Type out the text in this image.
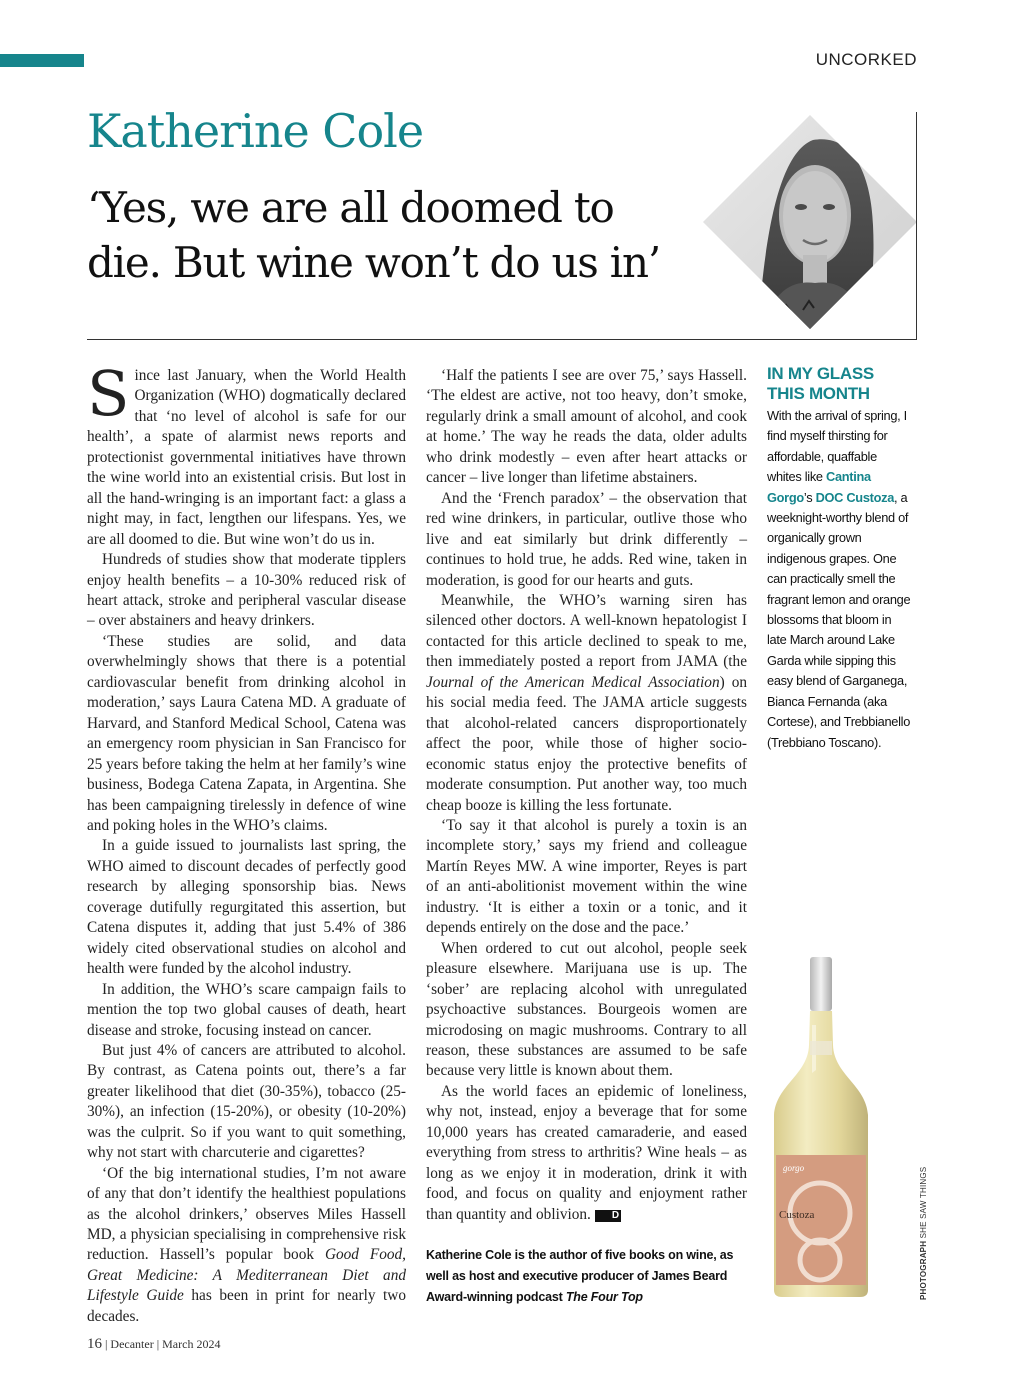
UNCORKED
Katherine Cole
‘Yes, we are all doomed to die. But wine won’t do us in’

Since last January, when the World Health Organization (WHO) dogmatically declared that ‘no level of alcohol is safe for our health’, a spate of alarmist news reports and protectionist governmental initiatives have thrown the wine world into an existential crisis. But lost in all the hand-wringing is an important fact: a glass a night may, in fact, lengthen our lifespans. Yes, we are all doomed to die. But wine won’t do us in.

Hundreds of studies show that moderate tipplers enjoy health benefits – a 10-30% reduced risk of heart attack, stroke and peripheral vascular disease – over abstainers and heavy drinkers.

‘These studies are solid, and data overwhelmingly shows that there is a potential cardiovascular benefit from drinking alcohol in moderation,’ says Laura Catena MD. A graduate of Harvard, and Stanford Medical School, Catena was an emergency room physician in San Francisco for 25 years before taking the helm at her family’s wine business, Bodega Catena Zapata, in Argentina. She has been campaigning tirelessly in defence of wine and poking holes in the WHO’s claims.

In a guide issued to journalists last spring, the WHO aimed to discount decades of perfectly good research by alleging sponsorship bias. News coverage dutifully regurgitated this assertion, but Catena disputes it, adding that just 5.4% of 386 widely cited observational studies on alcohol and health were funded by the alcohol industry.

In addition, the WHO’s scare campaign fails to mention the top two global causes of death, heart disease and stroke, focusing instead on cancer.

But just 4% of cancers are attributed to alcohol. By contrast, as Catena points out, there’s a far greater likelihood that diet (30-35%), tobacco (25-30%), an infection (15-20%), or obesity (10-20%) was the culprit. So if you want to quit something, why not start with charcuterie and cigarettes?

‘Of the big international studies, I’m not aware of any that don’t identify the healthiest populations as the alcohol drinkers,’ observes Miles Hassell MD, a physician specialising in comprehensive risk reduction. Hassell’s popular book Good Food, Great Medicine: A Mediterranean Diet and Lifestyle Guide has been in print for nearly two decades.

‘Half the patients I see are over 75,’ says Hassell. ‘The eldest are active, not too heavy, don’t smoke, regularly drink a small amount of alcohol, and cook at home.’ The way he reads the data, older adults who drink modestly – even after heart attacks or cancer – live longer than lifetime abstainers.

And the ‘French paradox’ – the observation that red wine drinkers, in particular, outlive those who live and eat similarly but drink differently – continues to hold true, he adds. Red wine, taken in moderation, is good for our hearts and guts.

Meanwhile, the WHO’s warning siren has silenced other doctors. A well-known hepatologist I contacted for this article declined to speak to me, then immediately posted a report from JAMA (the Journal of the American Medical Association) on his social media feed. The JAMA article suggests that alcohol-related cancers disproportionately affect the poor, while those of higher socio-economic status enjoy the protective benefits of moderate consumption. Put another way, too much cheap booze is killing the less fortunate.

‘To say it that alcohol is purely a toxin is an incomplete story,’ says my friend and colleague Martín Reyes MW. A wine importer, Reyes is part of an anti-abolitionist movement within the wine industry. ‘It is either a toxin or a tonic, and it depends entirely on the dose and the pace.’

When ordered to cut out alcohol, people seek pleasure elsewhere. Marijuana use is up. The ‘sober’ are replacing alcohol with unregulated psychoactive substances. Bourgeois women are microdosing on magic mushrooms. Contrary to all reason, these substances are assumed to be safe because very little is known about them.

As the world faces an epidemic of loneliness, why not, instead, enjoy a beverage that for some 10,000 years has created camaraderie, and eased everything from stress to arthritis? Wine heals – as long as we enjoy it in moderation, drink it with food, and focus on quality and enjoyment rather than quantity and oblivion. D

Katherine Cole is the author of five books on wine, as well as host and executive producer of James Beard Award-winning podcast The Four Top
IN MY GLASS THIS MONTH
With the arrival of spring, I find myself thirsting for affordable, quaffable whites like Cantina Gorgo’s DOC Custoza, a weeknight-worthy blend of organically grown indigenous grapes. One can practically smell the fragrant lemon and orange blossoms that bloom in late March around Lake Garda while sipping this easy blend of Garganega, Bianca Fernanda (aka Cortese), and Trebbianello (Trebbiano Toscano).
gorgo
Custoza
PHOTOGRAPH SHE SAW THINGS
16 | Decanter | March 2024
